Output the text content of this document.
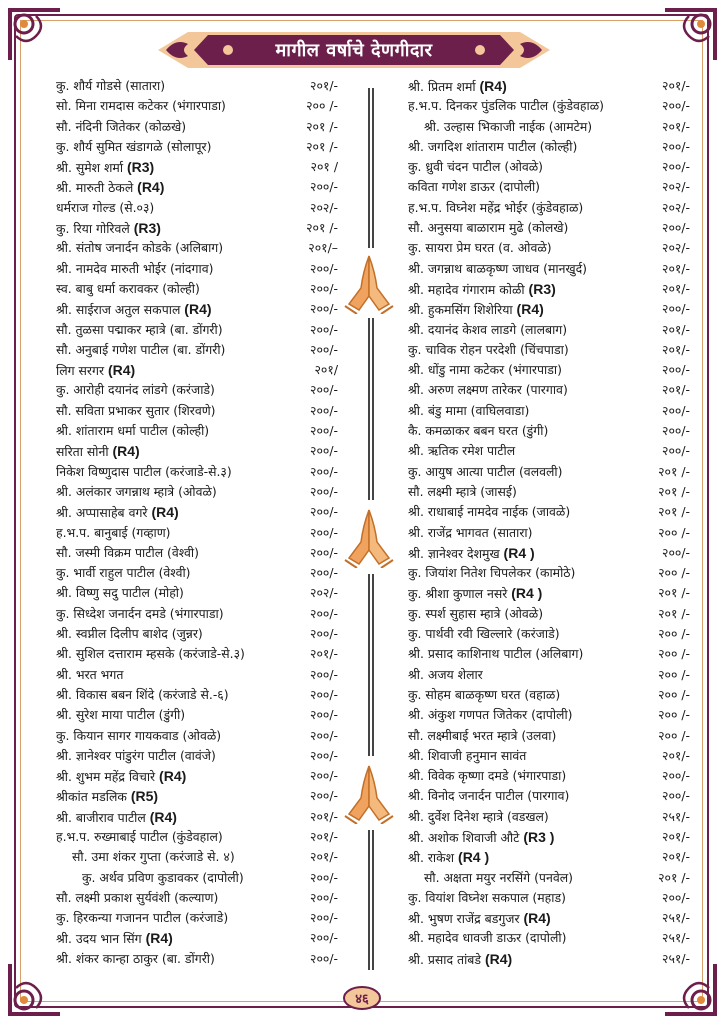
मागील वर्षाचे देणगीदार
कु. शौर्य गोडसे (सातारा)	२०१/-
सो. मिना रामदास कटेकर (भंगारपाडा)	२०० /-
सौ. नंदिनी जितेकर (कोळखे)	२०१ /-
कु. शौर्य सुमित खंडागळे (सोलापूर)	२०१ /-
श्री. सुमेश शर्मा (R3)	२०१ /
श्री. मारुती ठेकले (R4)	२००/-
धर्मराज गोल्ड (से.०३)	२०२/-
कु. रिया गोरिवले (R3)	२०१ /-
श्री. संतोष जनार्दन कोडके (अलिबाग)	२०१/–
श्री. नामदेव मारुती भोईर (नांदगाव)	२००/-
स्व. बाबु धर्मा करावकर (कोल्ही)	२००/-
श्री. साईराज अतुल सकपाल (R4)	२००/-
सौ. तुळसा पद्माकर म्हात्रे (बा. डोंगरी)	२००/-
सौ. अनुबाई गणेश पाटील (बा. डोंगरी)	२००/-
लिग सरगर (R4)	२०१/
कु. आरोही दयानंद लांडगे (करंजाडे)	२००/-
सौ. सविता प्रभाकर सुतार (शिरवणे)	२००/-
श्री. शांताराम धर्मा पाटील (कोल्ही)	२००/-
सरिता सोनी (R4)	२००/-
निकेश विष्णुदास पाटील (करंजाडे-से.३)	२००/-
श्री. अलंकार जगन्नाथ म्हात्रे (ओवळे)	२००/-
श्री. अप्पासाहेब वगरे (R4)	२००/-
ह.भ.प. बानुबाई (गव्हाण)	२००/-
सौ. जस्मी विक्रम पाटील (वेश्वी)	२००/-
कु. भार्वी राहुल पाटील (वेश्वी)	२००/-
श्री. विष्णु सदु पाटील (मोहो)	२०२/-
कु. सिध्देश जनार्दन दमडे (भंगारपाडा)	२००/-
श्री. स्वप्नील दिलीप बाशेद (जुन्नर)	२००/-
श्री. सुशिल दत्ताराम म्हसके (करंजाडे-से.३)	२०१/-
श्री. भरत भगत	२००/-
श्री. विकास बबन शिंदे (करंजाडे से.-६)	२००/-
श्री. सुरेश माया पाटील (डुंगी)	२००/-
कु. कियान सागर गायकवाड (ओवळे)	२००/-
श्री. ज्ञानेश्वर पांडुरंग पाटील (वावंजे)	२००/-
श्री. शुभम महेंद्र विचारे (R4)	२००/-
श्रीकांत मडलिक (R5)	२००/-
श्री. बाजीराव पाटील (R4)	२०१/-
ह.भ.प. रुख्माबाई पाटील (कुंडेवहाल)	२०१/-
सौ. उमा शंकर गुप्ता (करंजाडे से. ४)	२०१/-
कु. अर्थव प्रविण कुडावकर (दापोली)	२००/-
सौ. लक्ष्मी प्रकाश सुर्यवंशी (कल्याण)	२००/-
कु. हिरकन्या गजानन पाटील (करंजाडे)	२००/-
श्री. उदय भान सिंग (R4)	२००/-
श्री. शंकर कान्हा ठाकुर (बा. डोंगरी)	२००/-
श्री. प्रितम शर्मा (R4)	२०१/-
ह.भ.प. दिनकर पुंडलिक पाटील (कुंडेवहाळ)	२००/-
श्री. उल्हास भिकाजी नाईक (आमटेम)	२०१/-
श्री. जगदिश शांताराम पाटील (कोल्ही)	२००/-
कु. ध्रुवी चंदन पाटील (ओवळे)	२००/-
कविता गणेश डाऊर (दापोली)	२०२/-
ह.भ.प. विघ्नेश महेंद्र भोईर (कुंडेवहाळ)	२०२/-
सौ. अनुसया बाळाराम मुढे (कोलखे)	२००/-
कु. सायरा प्रेम घरत (व. ओवळे)	२०२/-
श्री. जगन्नाथ बाळकृष्ण जाधव (मानखुर्द)	२०१/-
श्री. महादेव गंगाराम कोळी (R3)	२०१/-
श्री. हुकमसिंग शिशेरिया (R4)	२००/-
श्री. दयानंद केशव लाडगे (लालबाग)	२०१/-
कु. चाविक रोहन परदेशी (चिंचपाडा)	२०१/-
श्री. धोंडु नामा कटेकर (भंगारपाडा)	२००/-
श्री. अरुण लक्ष्मण तारेकर (पारगाव)	२०१/-
श्री. बंडु मामा (वाघिलवाडा)	२००/-
कै. कमळाकर बबन घरत (डुंगी)	२००/-
श्री. ऋतिक रमेश पाटील	२००/-
कु. आयुष आत्या पाटील (वलवली)	२०१ /-
सौ. लक्ष्मी म्हात्रे (जासई)	२०१ /-
श्री. राधाबाई नामदेव नाईक (जावळे)	२०१ /-
श्री. राजेंद्र भागवत (सातारा)	२०० /-
श्री. ज्ञानेश्वर देशमुख (R4 )	२००/-
कु. जियांश नितेश चिपलेकर (कामोठे)	२०० /-
कु. श्रीशा कुणाल नसरे (R4 )	२०१ /-
कु. स्पर्श सुहास म्हात्रे (ओवळे)	२०१ /-
कु. पार्थवी रवी खिल्लारे (करंजाडे)	२०० /-
श्री. प्रसाद काशिनाथ पाटील (अलिबाग)	२०० /-
श्री. अजय शेलार	२०० /-
कु. सोहम बाळकृष्ण घरत (वहाळ)	२०० /-
श्री. अंकुश गणपत जितेकर (दापोली)	२०० /-
सौ. लक्ष्मीबाई भरत म्हात्रे (उलवा)	२०० /-
श्री. शिवाजी हनुमान सावंत	२०१/-
श्री. विवेक कृष्णा दमडे (भंगारपाडा)	२००/-
श्री. विनोद जनार्दन पाटील (पारगाव)	२००/-
श्री. दुर्वेश दिनेश म्हात्रे (वडखल)	२५१/-
श्री. अशोक शिवाजी औटे (R3 )	२०१/-
श्री. राकेश (R4 )	२०१/-
सौ. अक्षता मयुर नरसिंगे (पनवेल)	२०१ /-
कु. वियांश विघ्नेश सकपाल (महाड)	२००/-
श्री. भुषण राजेंद्र बडगुजर (R4)	२५१/-
श्री. महादेव धावजी डाऊर (दापोली)	२५१/-
श्री. प्रसाद तांबडे (R4)	२५१/-
४६
